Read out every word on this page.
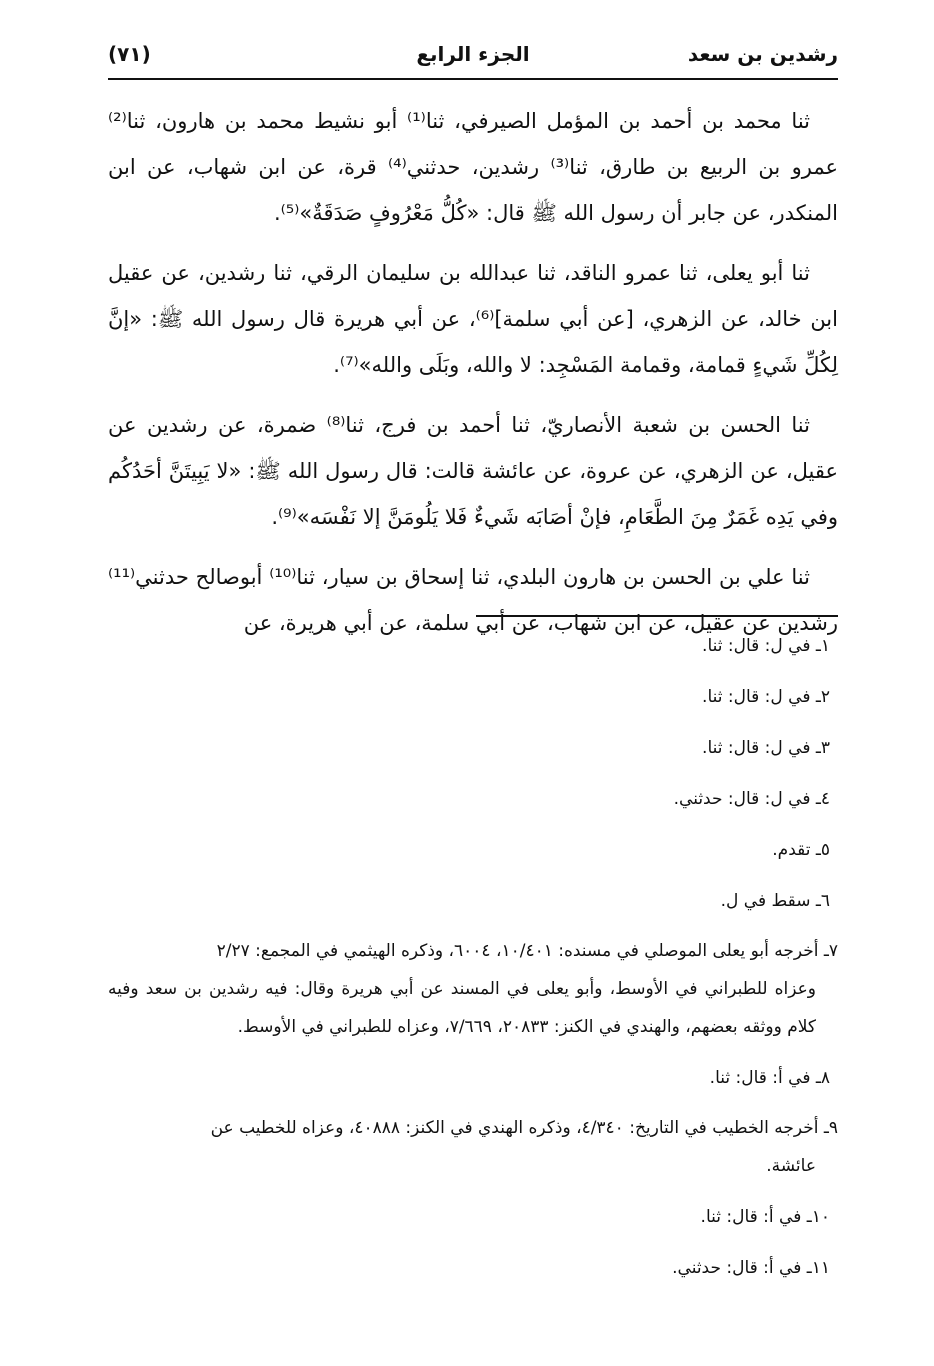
رشدين بن سعد
الجزء الرابع
(٧١)

ثنا محمد بن أحمد بن المؤمل الصيرفي، ثنا⁽¹⁾ أبو نشيط محمد بن هارون، ثنا⁽²⁾ عمرو بن الربيع بن طارق، ثنا⁽³⁾ رشدين، حدثني⁽⁴⁾ قرة، عن ابن شهاب، عن ابن المنكدر، عن جابر أن رسول الله ﷺ قال: «كُلُّ مَعْرُوفٍ صَدَقَةٌ»⁽⁵⁾.

ثنا أبو يعلى، ثنا عمرو الناقد، ثنا عبدالله بن سليمان الرقي، ثنا رشدين، عن عقيل ابن خالد، عن الزهري، [عن أبي سلمة]⁽⁶⁾، عن أبي هريرة قال رسول الله ﷺ: «إنَّ لِكُلِّ شَيءٍ قمامة، وقمامة المَسْجِد: لا والله، وبَلَى والله»⁽⁷⁾.

ثنا الحسن بن شعبة الأنصاريّ، ثنا أحمد بن فرج، ثنا⁽⁸⁾ ضمرة، عن رشدين عن عقيل، عن الزهري، عن عروة، عن عائشة قالت: قال رسول الله ﷺ: «لا يَبِيتَنَّ أحَدُكُم وفي يَدِه غَمَرٌ مِنَ الطَّعَامِ، فإنْ أصَابَه شَيءٌ فَلا يَلُومَنَّ إلا نَفْسَه»⁽⁹⁾.

ثنا علي بن الحسن بن هارون البلدي، ثنا إسحاق بن سيار، ثنا⁽¹⁰⁾ أبوصالح حدثني⁽¹¹⁾ رشدين عن عقيل، عن ابن شهاب، عن أبي سلمة، عن أبي هريرة، عن

١ـ في ل: قال: ثنا.
٢ـ في ل: قال: ثنا.
٣ـ في ل: قال: ثنا.
٤ـ في ل: قال: حدثني.
٥ـ تقدم.
٦ـ سقط في ل.
٧ـ أخرجه أبو يعلى الموصلي في مسنده: ١٠/٤٠١، ٦٠٠٤، وذكره الهيثمي في المجمع: ٢/٢٧
وعزاه للطبراني في الأوسط، وأبو يعلى في المسند عن أبي هريرة وقال: فيه رشدين بن سعد وفيه كلام ووثقه بعضهم، والهندي في الكنز: ٢٠٨٣٣، ٧/٦٦٩، وعزاه للطبراني في الأوسط.
٨ـ في أ: قال: ثنا.
٩ـ أخرجه الخطيب في التاريخ: ٤/٣٤٠، وذكره الهندي في الكنز: ٤٠٨٨٨، وعزاه للخطيب عن
عائشة.
١٠ـ في أ: قال: ثنا.
١١ـ في أ: قال: حدثني.
